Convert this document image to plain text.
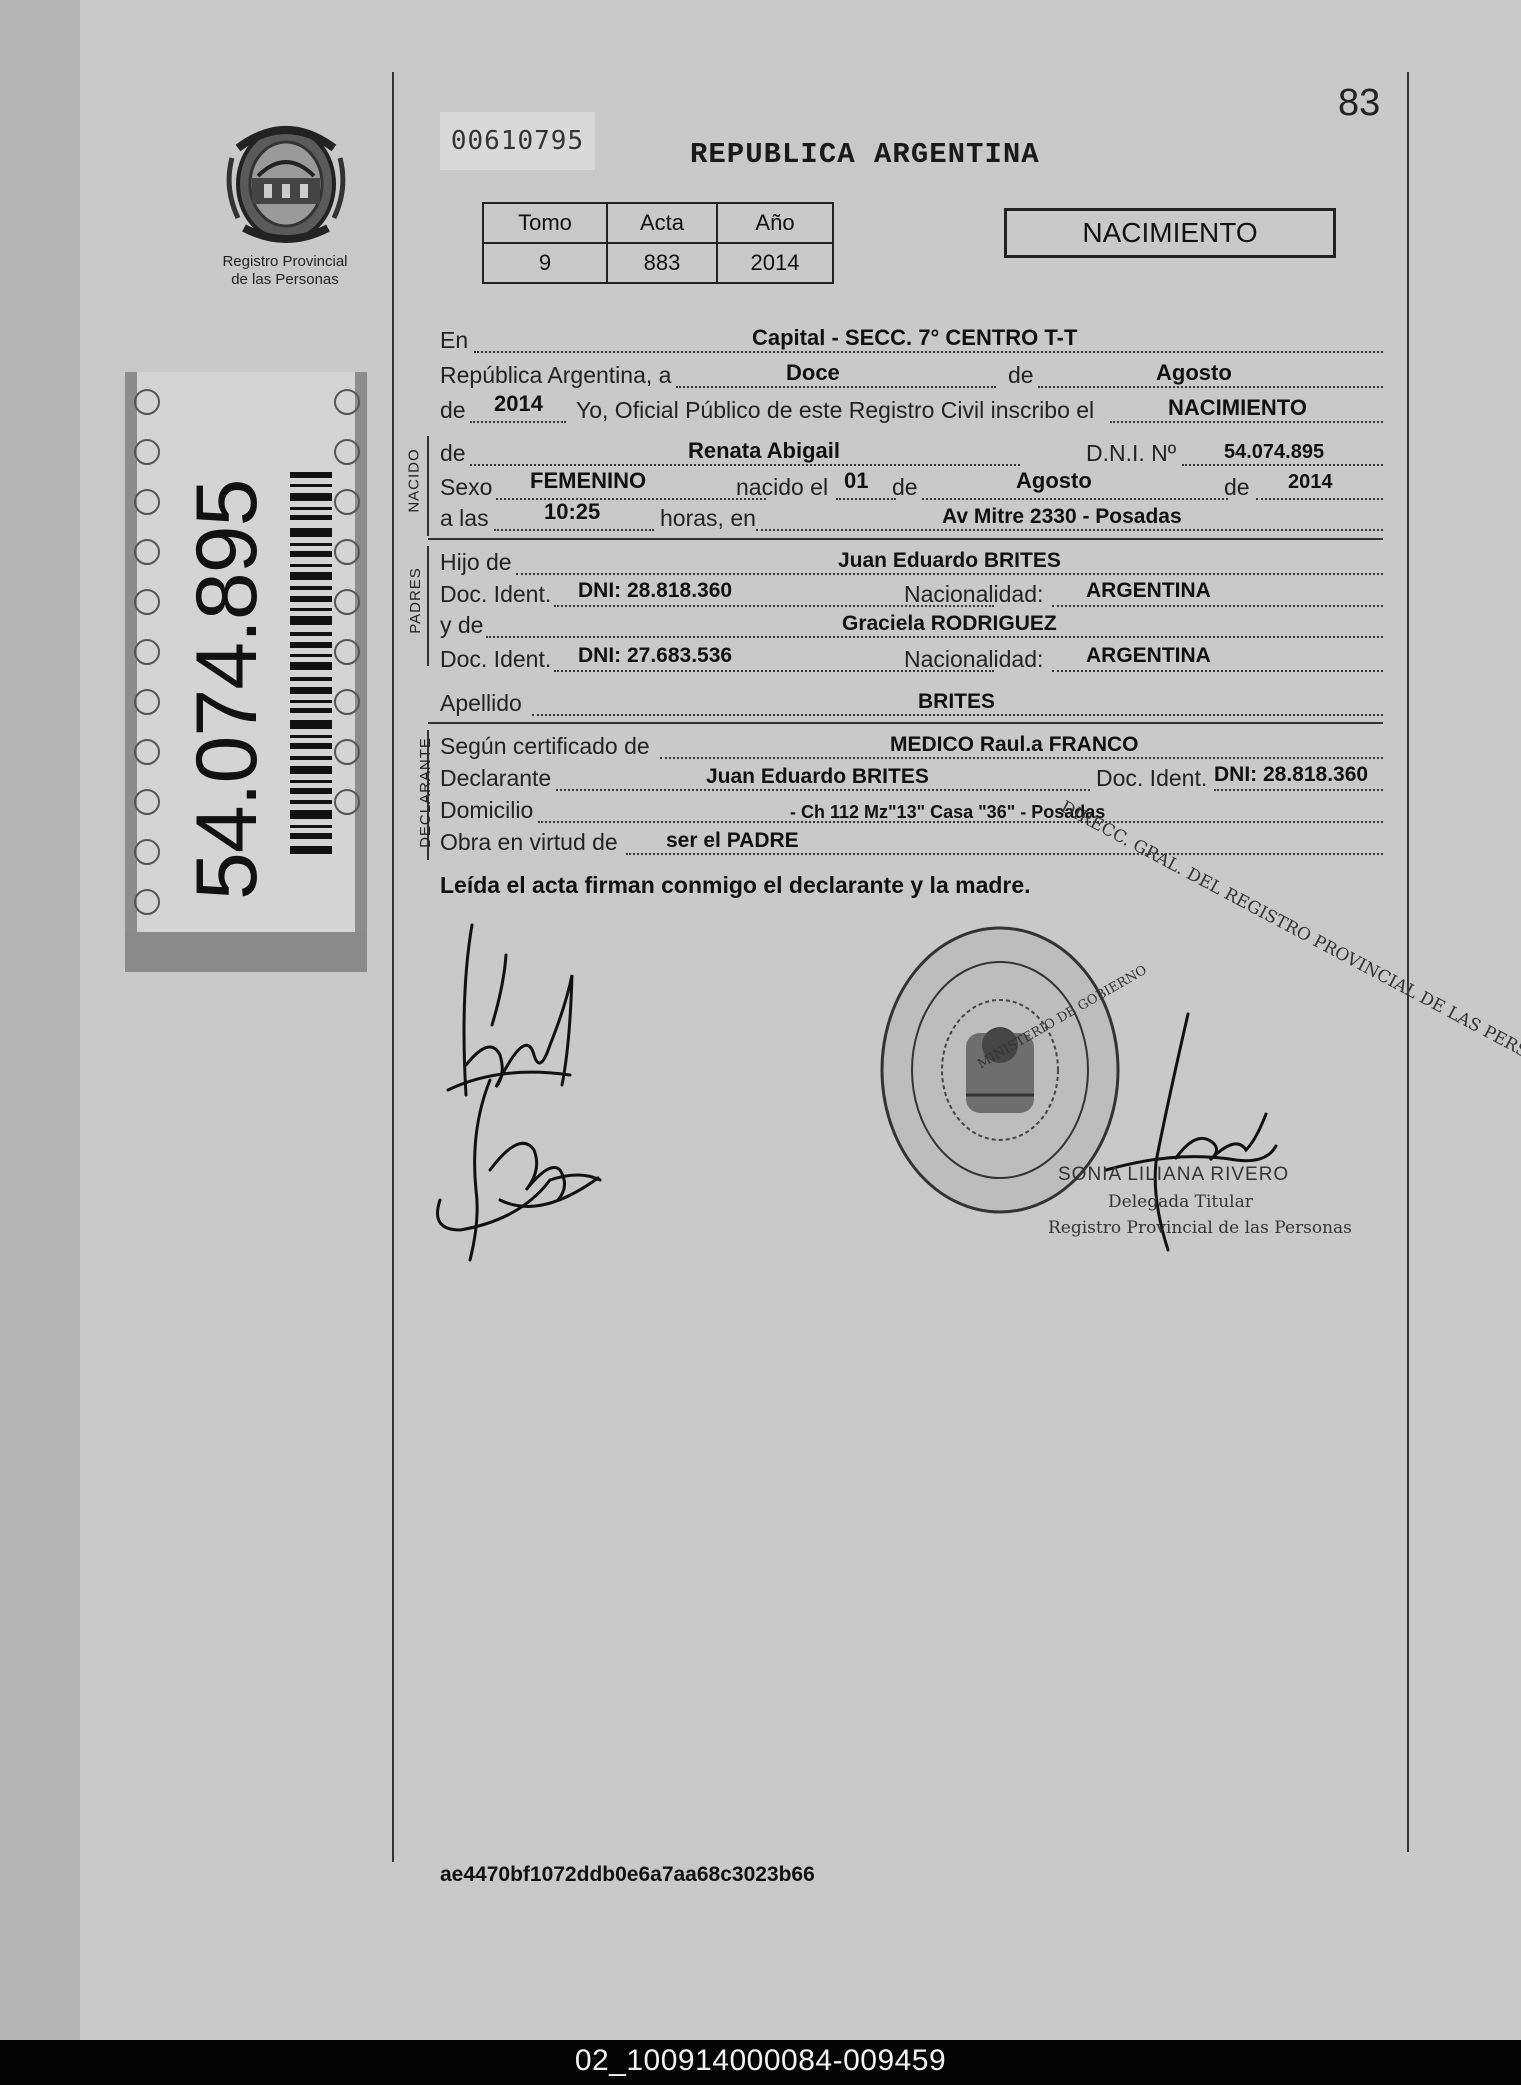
83
Registro Provincial
de las Personas
54.074.895
00610795	REPUBLICA ARGENTINA
Tomo	Acta	Año
9	883	2014
NACIMIENTO
En	Capital - SECC. 7° CENTRO T-T
República Argentina, a	Doce	de	Agosto
de 2014 Yo, Oficial Público de este Registro Civil inscribo el	NACIMIENTO
NACIDO de	Renata Abigail	D.N.I. Nº 54.074.895
Sexo FEMENINO	nacido el 01 de	Agosto	de 2014
a las	10:25	horas, en	Av Mitre 2330 - Posadas
PADRES
Hijo de	Juan Eduardo BRITES
Doc. Ident. DNI: 28.818.360	Nacionalidad: ARGENTINA
y de	Graciela RODRIGUEZ
Doc. Ident. DNI: 27.683.536	Nacionalidad: ARGENTINA
Apellido	BRITES
DECLARANTE Según certificado de	MEDICO Raul.a FRANCO
Declarante	Juan Eduardo BRITES	Doc. Ident. DNI: 28.818.360
Domicilio	- Ch 112 Mz"13" Casa "36" - Posadas
Obra en virtud de ser el PADRE
Leída el acta firman conmigo el declarante y la madre.
MINISTERIO DE GOBIERNO
SONIA LILIANA RIVERO
Delegada Titular
Registro Provincial de las Personas
ae4470bf1072ddb0e6a7aa68c3023b66
02_100914000084-009459
